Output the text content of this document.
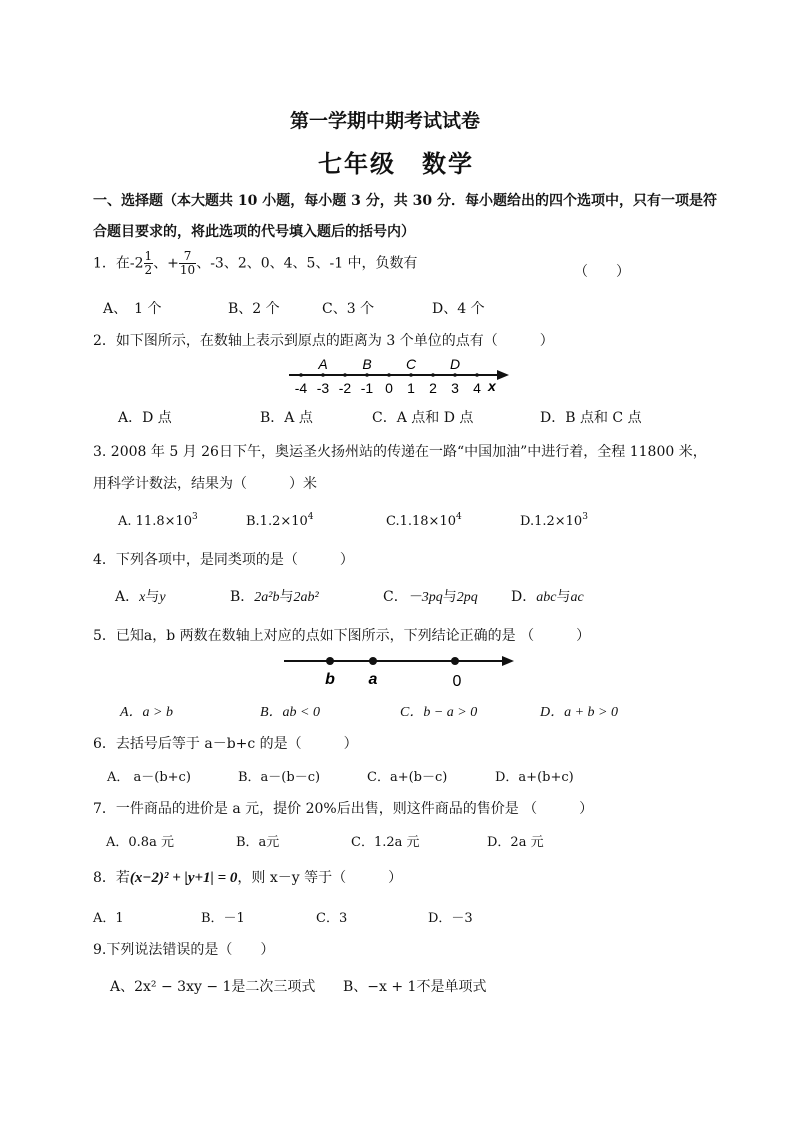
第一学期中期考试试卷
七年级　数学
一、选择题（本大题共 10 小题，每小题 3 分，共 30 分．每小题给出的四个选项中，只有一项是符
合题目要求的，将此选项的代号填入题后的括号内）
1．在$-2 \frac{1}{2}$ 、+ $\frac{7}{10}$ 、-3、2、0、4、5、-1 中，负数有
（　　）
A、　1 个	B、2 个	C、3 个	D、4 个
2．如下图所示，在数轴上表示到原点的距离为 3 个单位的点有（　　　）
-4 -3 -2 -1 0 1 2 3 4
A B C D
x
A．D 点	B．A 点	C．A 点和 D 点	D．B 点和 C 点
3. 2008 年 5 月 26日下午，奥运圣火扬州站的传递在一路“中国加油”中进行着，全程 11800 米，
用科学计数法，结果为（　　　）米
A. $11.8\times 10^3$	$B.1.2\times 10^4$	$C.1.18\times 10^4$	$D.1.2\times 10^3$
4．下列各项中，是同类项的是（　　　）
A．x与y	B．2a²b与2ab²	C．－3pq与2pq D．abc与ac
5．已知a，b 两数在数轴上对应的点如下图所示，下列结论正确的是 （　　　）
b a	0
A．a > b	B．ab < 0	C．b − a > 0	D．a + b > 0
6．去括号后等于 a－b+c 的是（　　　）
A． a－(b+c)	B．a－(b－c)	C．a+(b－c)	D．a+(b+c)
7．一件商品的进价是 a 元，提价 20%后出售，则这件商品的售价是 （　　　）
A．0.8a 元	B．a元	C．1.2a 元	D．2a 元
8．若(x−2)² + |y+1| = 0，则 x－y 等于（　　　）
A．1	B．－1	C．3	D．－3
9.下列说法错误的是（　　）
A、2x² − 3xy − 1是二次三项式 B、−x + 1不是单项式
